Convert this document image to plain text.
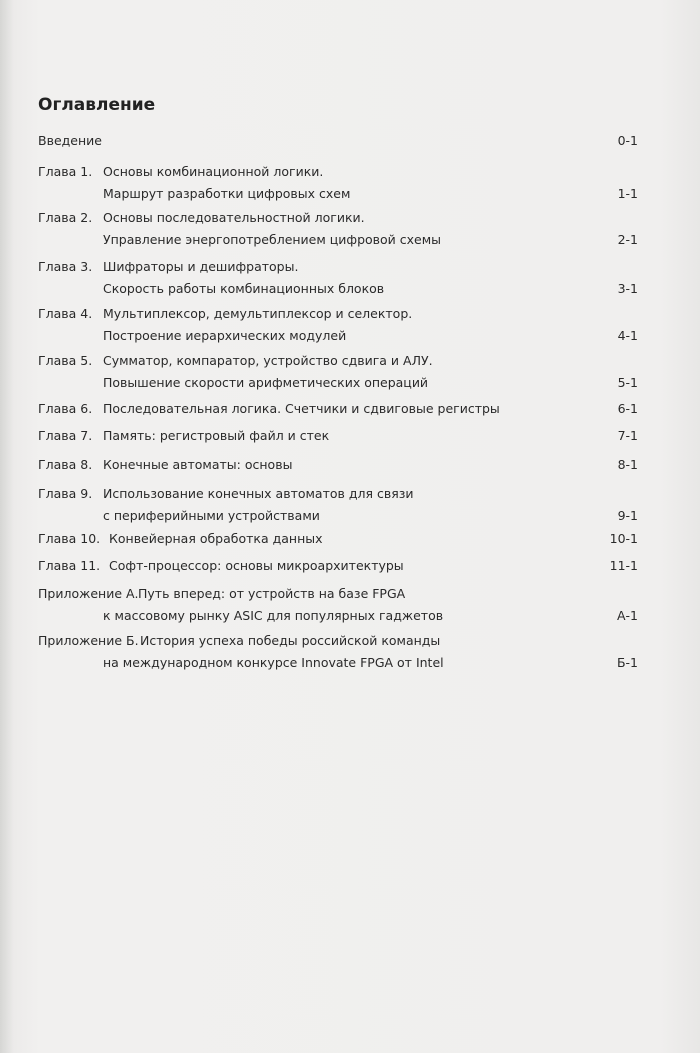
Оглавление
Введение	0-1
Глава 1. Основы комбинационной логики.
Маршрут разработки цифровых схем	1-1
Глава 2. Основы последовательностной логики.
Управление энергопотреблением цифровой схемы	2-1
Глава 3. Шифраторы и дешифраторы.
Скорость работы комбинационных блоков	3-1
Глава 4. Мультиплексор, демультиплексор и селектор.
Построение иерархических модулей	4-1
Глава 5. Сумматор, компаратор, устройство сдвига и АЛУ.
Повышение скорости арифметических операций	5-1
Глава 6. Последовательная логика. Счетчики и сдвиговые регистры	6-1
Глава 7. Память: регистровый файл и стек	7-1
Глава 8. Конечные автоматы: основы	8-1
Глава 9. Использование конечных автоматов для связи
с периферийными устройствами	9-1
Глава 10. Конвейерная обработка данных	10-1
Глава 11. Софт-процессор: основы микроархитектуры	11-1
Приложение А. Путь вперед: от устройств на базе FPGA
к массовому рынку ASIC для популярных гаджетов	А-1
Приложение Б. История успеха победы российской команды
на международном конкурсе Innovate FPGA от Intel	Б-1
